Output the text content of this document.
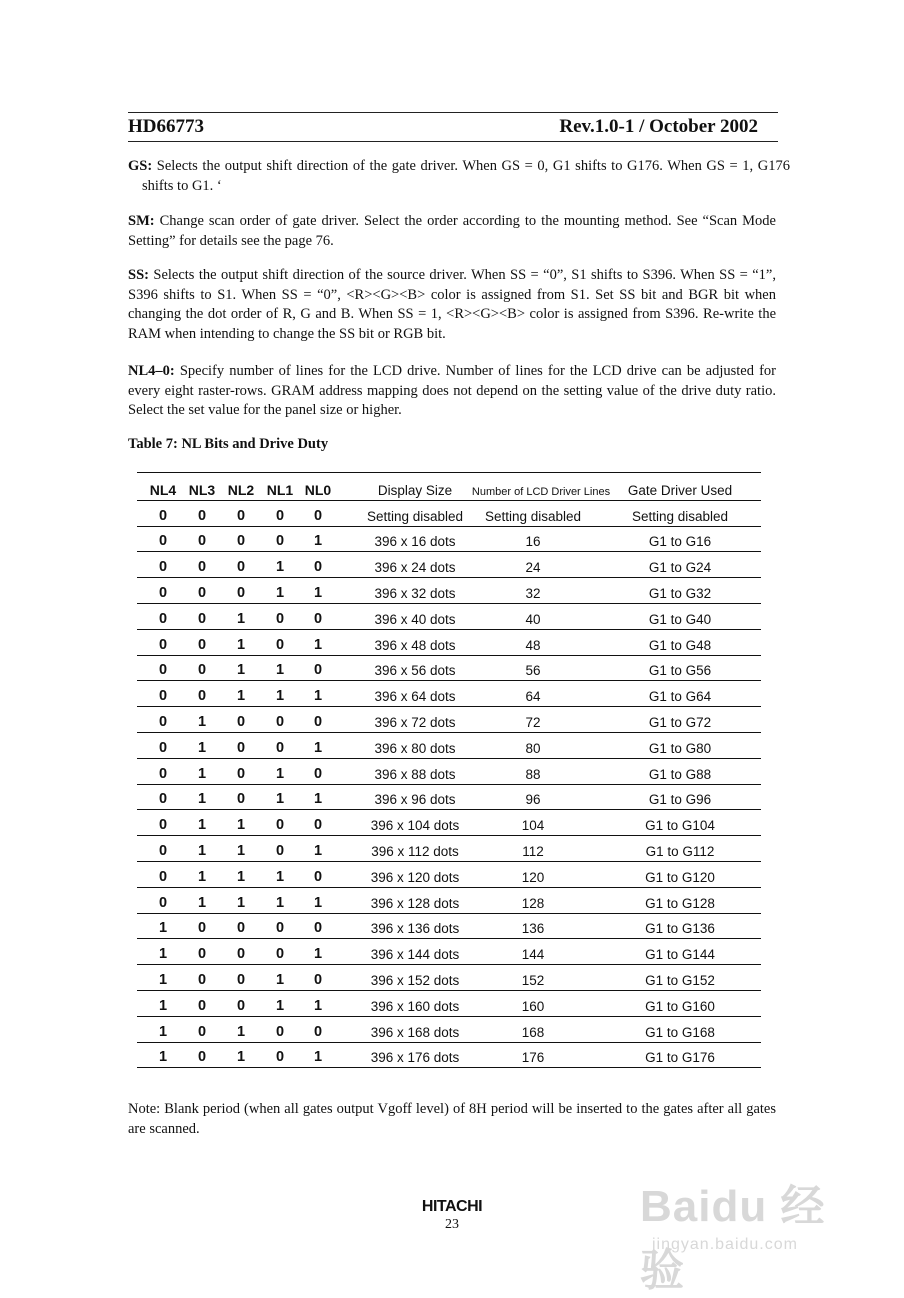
HD66773	Rev.1.0-1 / October 2002

GS: Selects the output shift direction of the gate driver. When GS = 0, G1 shifts to G176. When GS = 1, G176 shifts to G1. ‘

SM: Change scan order of gate driver. Select the order according to the mounting method. See “Scan Mode Setting” for details see the page 76.

SS: Selects the output shift direction of the source driver. When SS = “0”, S1 shifts to S396. When SS = “1”, S396 shifts to S1. When SS = “0”, <R><G><B> color is assigned from S1. Set SS bit and BGR bit when changing the dot order of R, G and B. When SS = 1, <R><G><B> color is assigned from S396. Re-write the RAM when intending to change the SS bit or RGB bit.

NL4–0: Specify number of lines for the LCD drive. Number of lines for the LCD drive can be adjusted for every eight raster-rows. GRAM address mapping does not depend on the setting value of the drive duty ratio. Select the set value for the panel size or higher.

Table 7: NL Bits and Drive Duty
NL4 NL3 NL2 NL1 NL0	Display Size	Number of LCD Driver Lines	Gate Driver Used
0	0	0	0	0	Setting disabled	Setting disabled	Setting disabled
0	0	0	0	1	396 x 16 dots	16	G1 to G16
0	0	0	1	0	396 x 24 dots	24	G1 to G24
0	0	0	1	1	396 x 32 dots	32	G1 to G32
0	0	1	0	0	396 x 40 dots	40	G1 to G40
0	0	1	0	1	396 x 48 dots	48	G1 to G48
0	0	1	1	0	396 x 56 dots	56	G1 to G56
0	0	1	1	1	396 x 64 dots	64	G1 to G64
0	1	0	0	0	396 x 72 dots	72	G1 to G72
0	1	0	0	1	396 x 80 dots	80	G1 to G80
0	1	0	1	0	396 x 88 dots	88	G1 to G88
0	1	0	1	1	396 x 96 dots	96	G1 to G96
0	1	1	0	0	396 x 104 dots	104	G1 to G104
0	1	1	0	1	396 x 112 dots	112	G1 to G112
0	1	1	1	0	396 x 120 dots	120	G1 to G120
0	1	1	1	1	396 x 128 dots	128	G1 to G128
1	0	0	0	0	396 x 136 dots	136	G1 to G136
1	0	0	0	1	396 x 144 dots	144	G1 to G144
1	0	0	1	0	396 x 152 dots	152	G1 to G152
1	0	0	1	1	396 x 160 dots	160	G1 to G160
1	0	1	0	0	396 x 168 dots	168	G1 to G168
1	0	1	0	1	396 x 176 dots	176	G1 to G176
Note: Blank period (when all gates output Vgoff level) of 8H period will be inserted to the gates after all gates are scanned.
HITACHI
23	Baidu 经验
jingyan.baidu.com
